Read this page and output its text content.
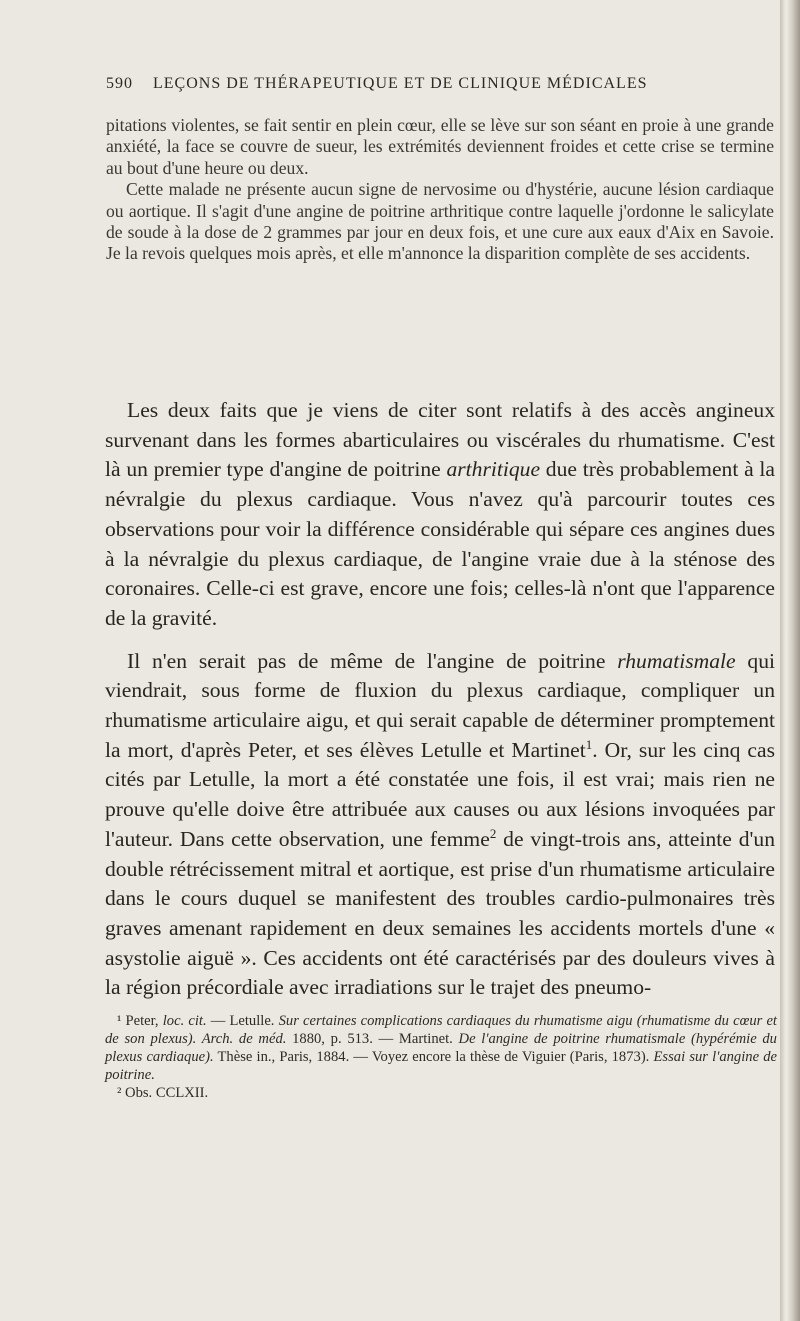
590 LEÇONS DE THÉRAPEUTIQUE ET DE CLINIQUE MÉDICALES

pitations violentes, se fait sentir en plein cœur, elle se lève sur son séant en proie à une grande anxiété, la face se couvre de sueur, les extrémités deviennent froides et cette crise se termine au bout d'une heure ou deux.

Cette malade ne présente aucun signe de nervosime ou d'hystérie, aucune lésion cardiaque ou aortique. Il s'agit d'une angine de poitrine arthritique contre laquelle j'ordonne le salicylate de soude à la dose de 2 grammes par jour en deux fois, et une cure aux eaux d'Aix en Savoie. Je la revois quelques mois après, et elle m'annonce la disparition complète de ses accidents.

Les deux faits que je viens de citer sont relatifs à des accès angineux survenant dans les formes abarticulaires ou viscérales du rhumatisme. C'est là un premier type d'angine de poitrine arthritique due très probablement à la névralgie du plexus cardiaque. Vous n'avez qu'à parcourir toutes ces observations pour voir la différence considérable qui sépare ces angines dues à la névralgie du plexus cardiaque, de l'angine vraie due à la sténose des coronaires. Celle-ci est grave, encore une fois; celles-là n'ont que l'apparence de la gravité.

Il n'en serait pas de même de l'angine de poitrine rhumatismale qui viendrait, sous forme de fluxion du plexus cardiaque, compliquer un rhumatisme articulaire aigu, et qui serait capable de déterminer promptement la mort, d'après Peter, et ses élèves Letulle et Martinet$^1$. Or, sur les cinq cas cités par Letulle, la mort a été constatée une fois, il est vrai; mais rien ne prouve qu'elle doive être attribuée aux causes ou aux lésions invoquées par l'auteur. Dans cette observation, une femme$^2$ de vingt-trois ans, atteinte d'un double rétrécissement mitral et aortique, est prise d'un rhumatisme articulaire dans le cours duquel se manifestent des troubles cardio-pulmonaires très graves amenant rapidement en deux semaines les accidents mortels d'une « asystolie aiguë ». Ces accidents ont été caractérisés par des douleurs vives à la région précordiale avec irradiations sur le trajet des pneumo-

¹ Peter, loc. cit. — Letulle. Sur certaines complications cardiaques du rhumatisme aigu (rhumatisme du cœur et de son plexus). Arch. de méd. 1880, p. 513. — Martinet. De l'angine de poitrine rhumatismale (hypérémie du plexus cardiaque). Thèse in., Paris, 1884. — Voyez encore la thèse de Viguier (Paris, 1873). Essai sur l'angine de poitrine.

² Obs. CCLXII.
